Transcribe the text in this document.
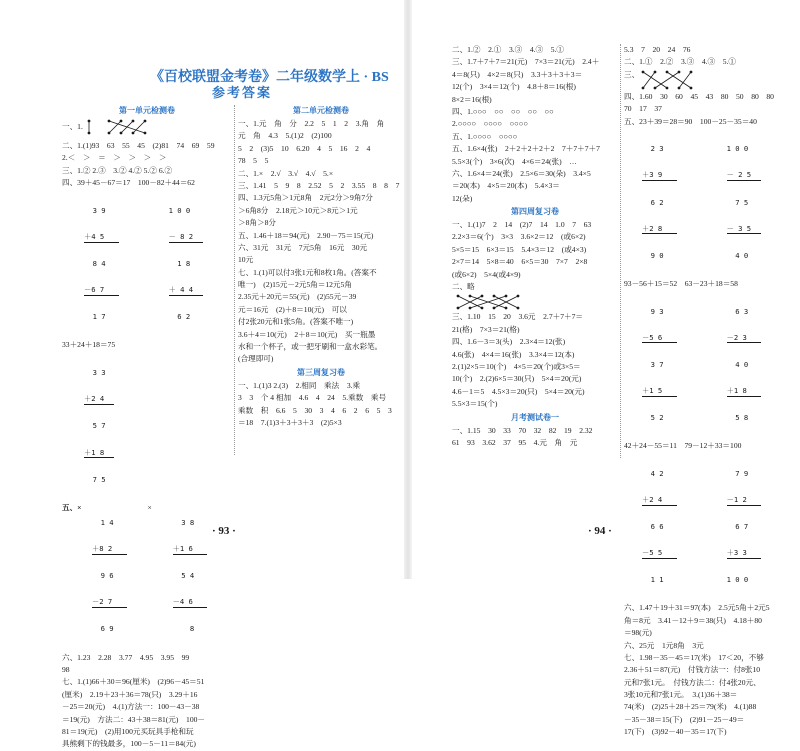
《百校联盟金考卷》二年级数学上 · BS
参考答案
第一单元检测卷
一、1.
二、1.(1)93　63　55　45　(2)81　74　69　59
2.＜　＞　＝　＞　＞　＞　＞
三、1.② 2.③　3.② 4.② 5.② 6.②
四、39＋45－67＝17　100－82＋44＝62

3 9

＋4 5

8 4

－6 7

1 7

1 0 0

－ 8 2

1 8

＋ 4 4

6 2

33＋24＋18＝75

3 3

＋2 4

5 7

＋1 8

7 5

五、×

1 4

＋8 2

9 6

－2 7

6 9

×

3 8

＋1 6

5 4

－4 6

8

六、1.23　2.28　3.77　4.95　3.95　99
98
七、1.(1)66＋30＝96(厘米)　(2)96－45＝51
(厘米)　2.19＋23＋36＝78(只)　3.29＋16
－25＝20(元)　4.(1)方法一：100－43－38
＝19(元)　方法二：43＋38＝81(元)　100－
81＝19(元)　(2)用100元买玩具手枪和玩
具熊剩下的钱最多，100－5－11＝84(元)
第二单元检测卷
一、1.元　角　分　2.2　5　1　2　3.角　角
元　角　4.3　5.(1)2　(2)100
5　2　(3)5　10　6.20　4　5　16　2　4
78　5　5
二、1.×　2.√　3.√　4.√　5.×
三、1.41　5　9　8　2.52　5　2　3.55　8　8　7
四、1.3元5角＞1元8角　2元2分＞9角7分
＞6角8分　2.18元＞10元＞8元＞1元
＞8角＞8分
五、1.46＋18＝94(元)　2.90－75＝15(元)
六、31元　31元　7元5角　16元　30元
10元
七、1.(1)可以付3张1元和8枚1角。(答案不
唯一)　(2)15元－2元5角＝12元5角
2.35元＋20元＝55(元)　(2)55元－39
元＝16元　(2)＋8＝10(元)　可以
付2张20元和1张5角。(答案不唯一)
3.6＋4＝10(元)　2＋8＝10(元)　买一瓶墨
水和一个杯子，或一把牙刷和一盒水彩笔。
(合理即可)
第三周复习卷
一、1.(1)3 2.(3)　2.相同　乘法　3.乘
3　3　个 4 相加　4.6　4　24　5.乘数　乘号
乘数　积　6.6　5　30　3　4　6　2　6　5　3
＝18　7.(1)3＋3＋3＋3　(2)5×3
· 93 ·
二、1.②　2.①　3.③　4.③　5.①
三、1.7＋7＋7＝21(元)　7×3＝21(元)　2.4＋
4＝8(只)　4×2＝8(只)　3.3＋3＋3＋3＝
12(个)　3×4＝12(个)　4.8＋8＝16(根)
8×2＝16(根)
四、1.○○○　○○　○○　○○　○○
2.○○○○　○○○○　○○○○
五、1.○○○○　○○○○
五、1.6×4(张)　2＋2＋2＋2＋2　7＋7＋7＋7
5.5×3(个)　3×6(次)　4×6＝24(张)　…
六、1.6×4＝24(张)　2.5×6＝30(朵)　3.4×5
＝20(本)　4×5＝20(本)　5.4×3＝
12(朵)
第四周复习卷
一、1.(1)7　2　14　(2)7　14　1.0　7　63
2.2×3＝6(个)　3×3　3.6×2＝12　(或6×2)
5×5＝15　6×3＝15　5.4×3＝12　(或4×3)
2×7＝14　5×8＝40　6×5＝30　7×7　2×8
(或6×2)　5×4(或4×9)
二、略
三、1.10　15　20　3.6元　2.7＋7＋7＝
21(格)　7×3＝21(格)
四、1.6－3＝3(头)　2.3×4＝12(张)
4.6(张)　4×4＝16(张)　3.3×4＝12(本)
2.(1)2×5＝10(个)　4×5＝20(个)或3×5＝
10(个)　2.(2)6×5＝30(只)　5×4＝20(元)
4.6－1＝5　4.5×3＝20(只)　5×4＝20(元)
5.5×3＝15(个)
月考测试卷一
一、1.15　30　33　70　32　82　19　2.32
61　93　3.62　37　95　4.元　角　元
5.3　7　20　24　76
二、1.①　2.②　3.③　4.③　5.①
三、
四、1.60　30　60　45　43　80　50　80　80
70　17　37
五、23＋39＝28＝90　100－25－35＝40

2 3

＋3 9

6 2

＋2 8

9 0

1 0 0

－ 2 5

7 5

－ 3 5

4 0

93－56＋15＝52　63－23＋18＝58

9 3

－5 6

3 7

＋1 5

5 2

6 3

－2 3

4 0

＋1 8

5 8

42＋24－55＝11　79－12＋33＝100

4 2

＋2 4

6 6

－5 5

1 1

7 9

－1 2

6 7

＋3 3

1 0 0

六、1.47＋19＋31＝97(本)　2.5元5角＋2元5
角＝8元　3.41－12＋9＝38(只)　4.18＋80
＝98(元)
六、25元　1元8角　3元
七、1.98－35－45＝17(米)　17＜20，不够
2.36＋51＝87(元)　付钱方法一：付8张10
元和7张1元。　付钱方法二：付4张20元、
3张10元和7张1元。　3.(1)36＋38＝
74(米)　(2)25＋28＋25＝79(米)　4.(1)88
－35－38＝15(下)　(2)91－25－49＝
17(下)　(3)92－40－35＝17(下)
· 94 ·
